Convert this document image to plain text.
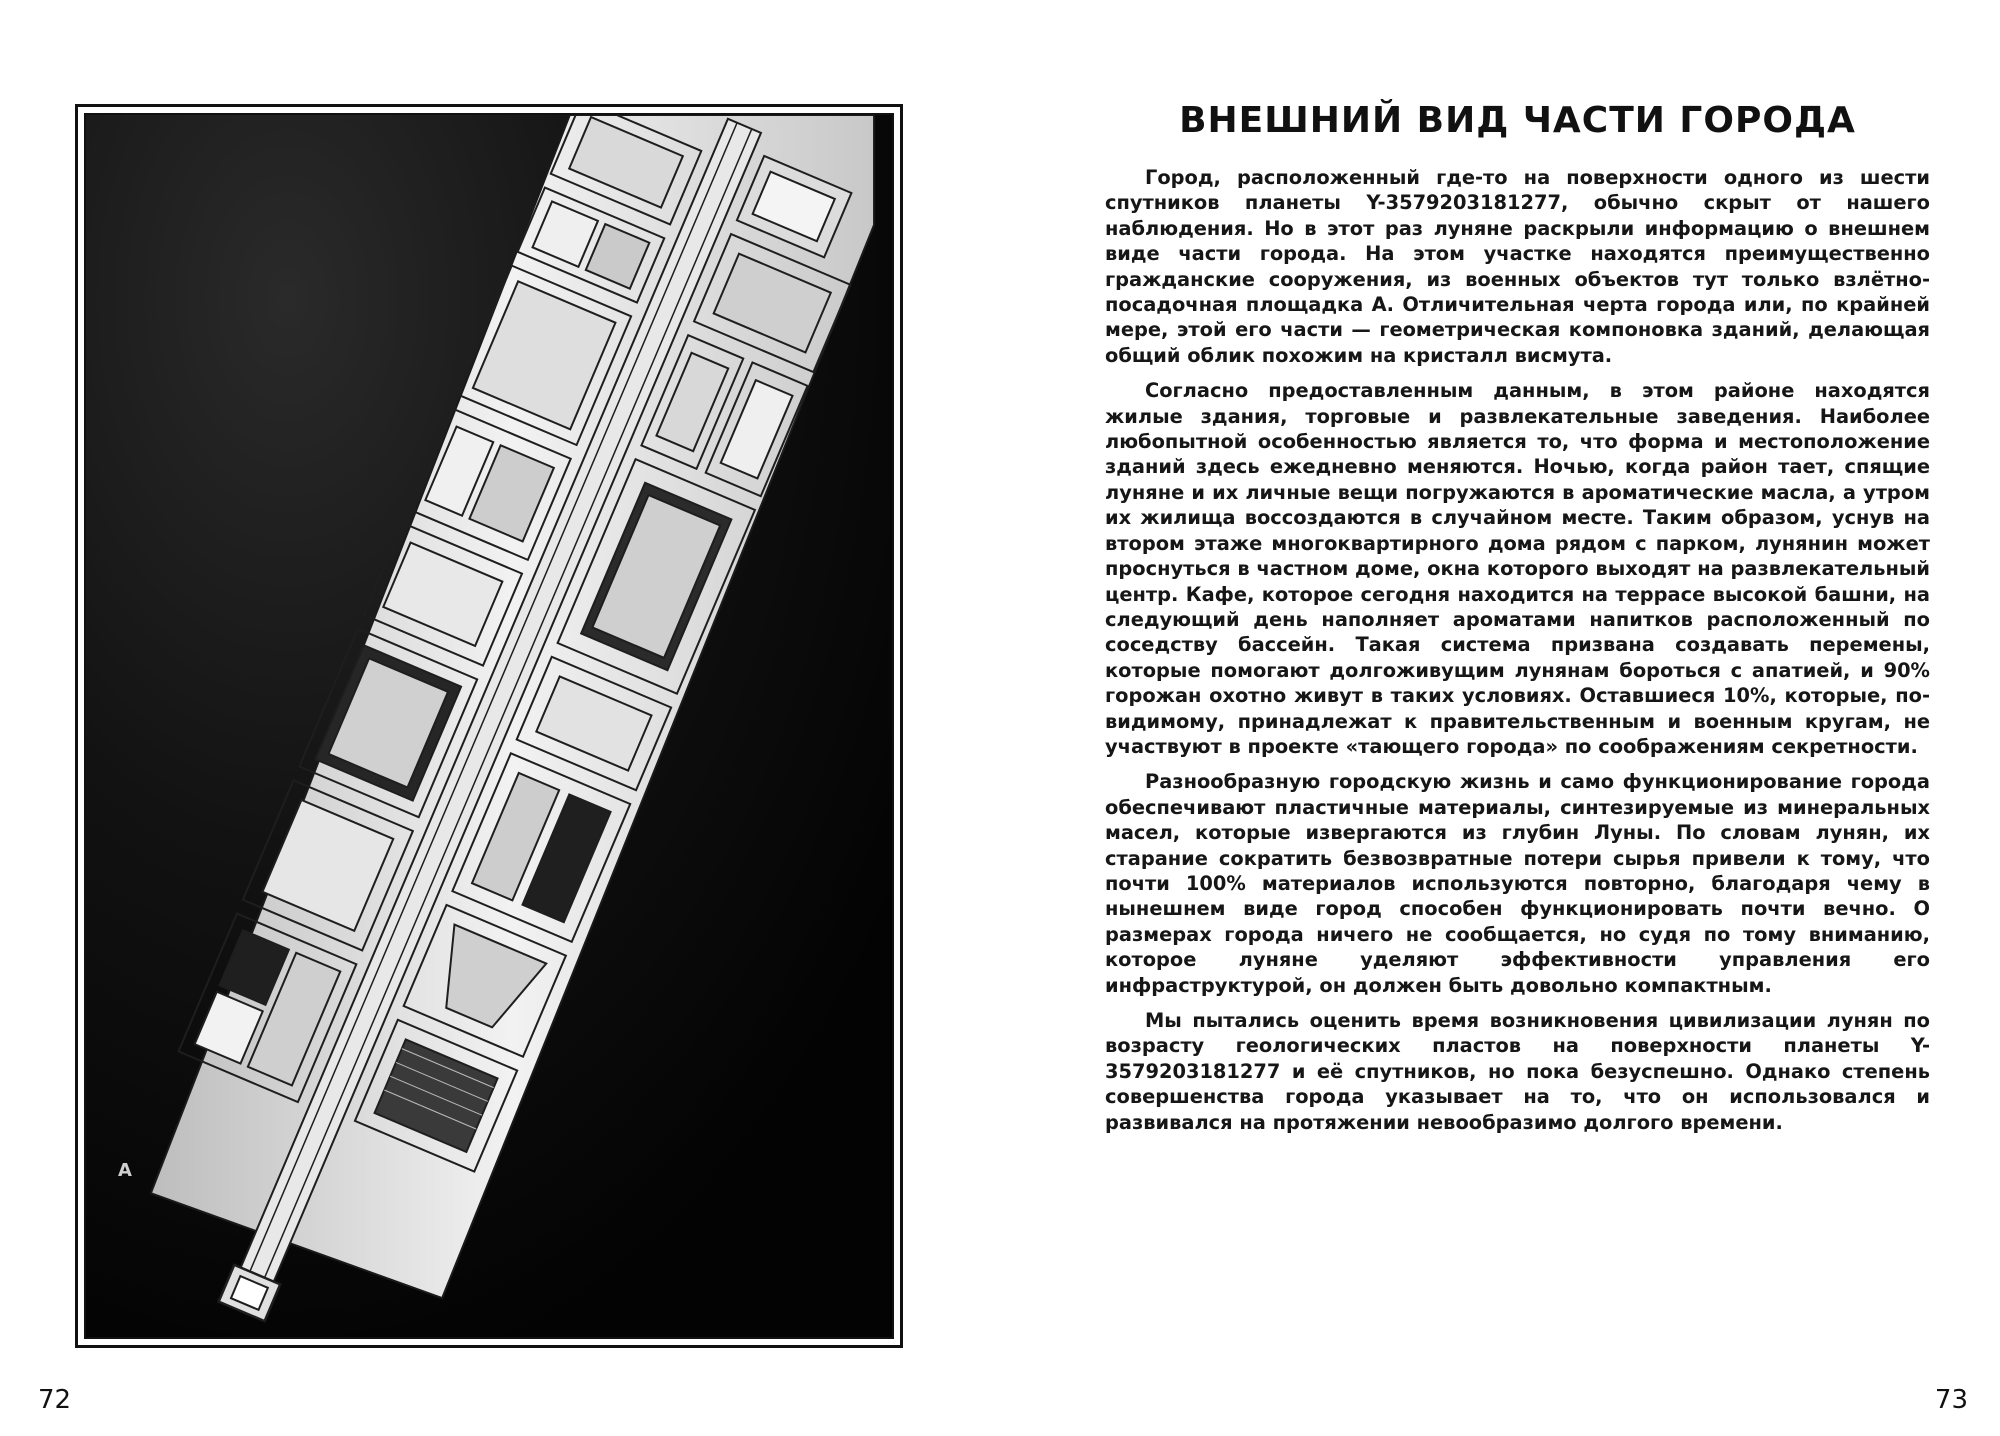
A
72
ВНЕШНИЙ ВИД ЧАСТИ ГОРОДА

Город, расположенный где-то на поверхности одного из шести спутников планеты Y-3579203181277, обычно скрыт от нашего наблюдения. Но в этот раз луняне раскрыли информацию о внешнем виде части города. На этом участке находятся преимущественно гражданские сооружения, из военных объектов тут только взлётно-посадочная площадка А. Отличительная черта города или, по крайней мере, этой его части — геометрическая компоновка зданий, делающая общий облик похожим на кристалл висмута.

Согласно предоставленным данным, в этом районе находятся жилые здания, торговые и развлекательные заведения. Наиболее любопытной особенностью является то, что форма и местоположение зданий здесь ежедневно меняются. Ночью, когда район тает, спящие луняне и их личные вещи погружаются в ароматические масла, а утром их жилища воссоздаются в случайном месте. Таким образом, уснув на втором этаже многоквартирного дома рядом с парком, лунянин может проснуться в частном доме, окна которого выходят на развлекательный центр. Кафе, которое сегодня находится на террасе высокой башни, на следующий день наполняет ароматами напитков расположенный по соседству бассейн. Такая система призвана создавать перемены, которые помогают долгоживущим лунянам бороться с апатией, и 90% горожан охотно живут в таких условиях. Оставшиеся 10%, которые, по-видимому, принадлежат к правительственным и военным кругам, не участвуют в проекте «тающего города» по соображениям секретности.

Разнообразную городскую жизнь и само функционирование города обеспечивают пластичные материалы, синтезируемые из минеральных масел, которые извергаются из глубин Луны. По словам лунян, их старание сократить безвозвратные потери сырья привели к тому, что почти 100% материалов используются повторно, благодаря чему в нынешнем виде город способен функционировать почти вечно. О размерах города ничего не сообщается, но судя по тому вниманию, которое луняне уделяют эффективности управления его инфраструктурой, он должен быть довольно компактным.

Мы пытались оценить время возникновения цивилизации лунян по возрасту геологических пластов на поверхности планеты Y-3579203181277 и её спутников, но пока безуспешно. Однако степень совершенства города указывает на то, что он использовался и развивался на протяжении невообразимо долгого времени.

73
